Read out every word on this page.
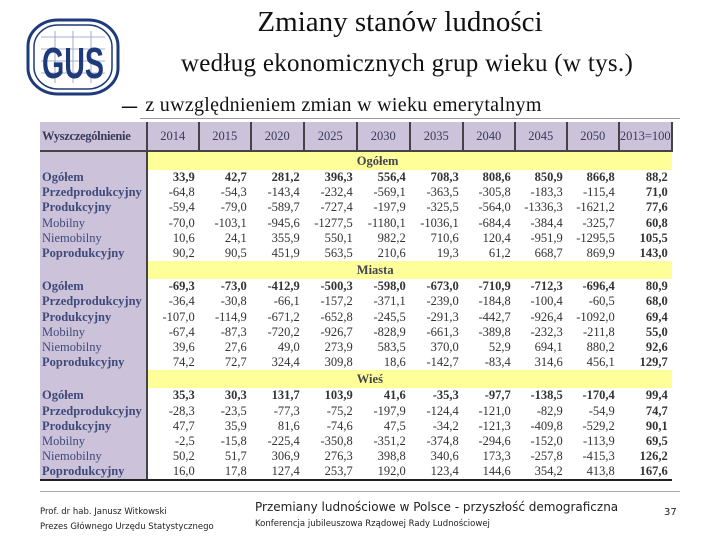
GUS
Zmiany stanów ludności
według ekonomicznych grup wieku (w tys.)
– z uwzględnieniem zmian w wieku emerytalnym
Wyszczególnienie	2014	2015	2020	2025	2030	2035	2040	2045	2050	2013=100
					Ogółem					
Ogółem	33,9	42,7	281,2	396,3	556,4	708,3	808,6	850,9	866,8	88,2
Przedprodukcyjny	-64,8	-54,3	-143,4	-232,4	-569,1	-363,5	-305,8	-183,3	-115,4	71,0
Produkcyjny	-59,4	-79,0	-589,7	-727,4	-197,9	-325,5	-564,0	-1336,3	-1621,2	77,6
Mobilny	-70,0	-103,1	-945,6	-1277,5	-1180,1	-1036,1	-684,4	-384,4	-325,7	60,8
Niemobilny	10,6	24,1	355,9	550,1	982,2	710,6	120,4	-951,9	-1295,5	105,5
Poprodukcyjny	90,2	90,5	451,9	563,5	210,6	19,3	61,2	668,7	869,9	143,0
					Miasta					
Ogółem	-69,3	-73,0	-412,9	-500,3	-598,0	-673,0	-710,9	-712,3	-696,4	80,9
Przedprodukcyjny	-36,4	-30,8	-66,1	-157,2	-371,1	-239,0	-184,8	-100,4	-60,5	68,0
Produkcyjny	-107,0	-114,9	-671,2	-652,8	-245,5	-291,3	-442,7	-926,4	-1092,0	69,4
Mobilny	-67,4	-87,3	-720,2	-926,7	-828,9	-661,3	-389,8	-232,3	-211,8	55,0
Niemobilny	39,6	27,6	49,0	273,9	583,5	370,0	52,9	694,1	880,2	92,6
Poprodukcyjny	74,2	72,7	324,4	309,8	18,6	-142,7	-83,4	314,6	456,1	129,7
					Wieś					
Ogółem	35,3	30,3	131,7	103,9	41,6	-35,3	-97,7	-138,5	-170,4	99,4
Przedprodukcyjny	-28,3	-23,5	-77,3	-75,2	-197,9	-124,4	-121,0	-82,9	-54,9	74,7
Produkcyjny	47,7	35,9	81,6	-74,6	47,5	-34,2	-121,3	-409,8	-529,2	90,1
Mobilny	-2,5	-15,8	-225,4	-350,8	-351,2	-374,8	-294,6	-152,0	-113,9	69,5
Niemobilny	50,2	51,7	306,9	276,3	398,8	340,6	173,3	-257,8	-415,3	126,2
Poprodukcyjny	16,0	17,8	127,4	253,7	192,0	123,4	144,6	354,2	413,8	167,6
Prof. dr hab. Janusz Witkowski
Prezes Głównego Urzędu Statystycznego
Przemiany ludnościowe w Polsce - przyszłość demograficzna
Konferencja jubileuszowa Rządowej Rady Ludnościowej
37
